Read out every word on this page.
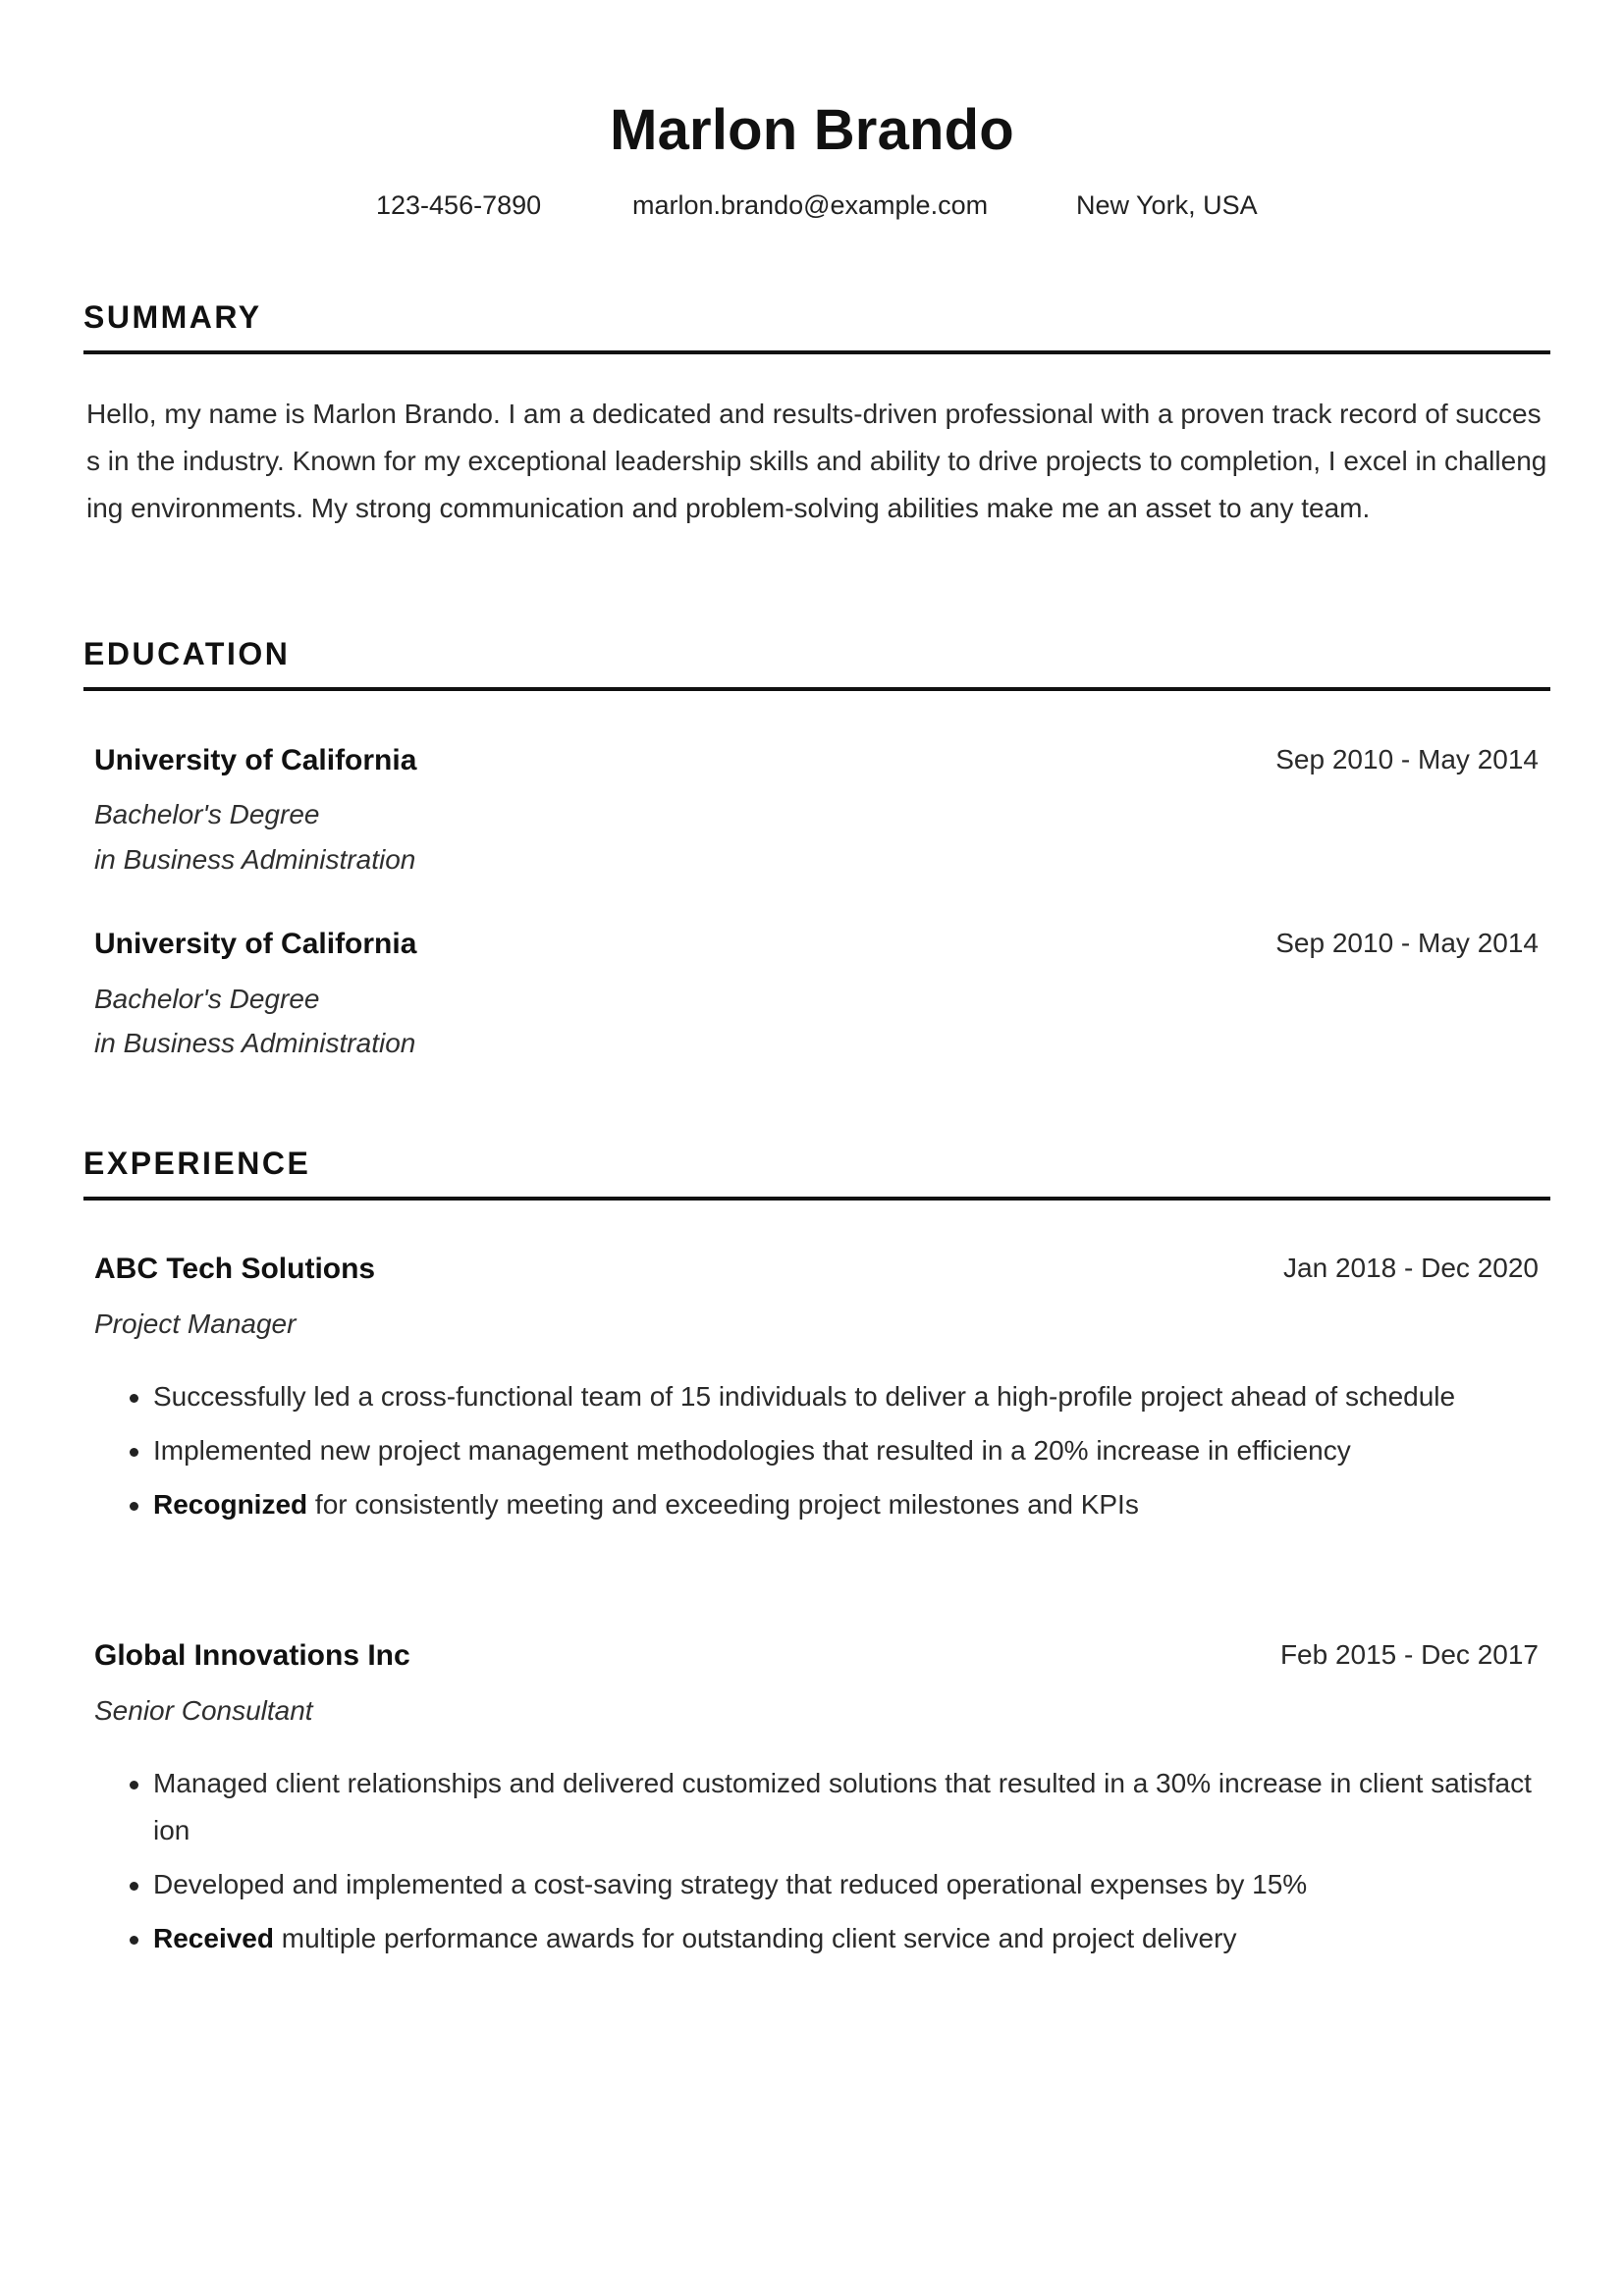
Marlon Brando
123-456-7890	marlon.brando@example.com	New York, USA
SUMMARY
Hello, my name is Marlon Brando. I am a dedicated and results-driven professional with a proven track record of success in the industry. Known for my exceptional leadership skills and ability to drive projects to completion, I excel in challenging environments. My strong communication and problem-solving abilities make me an asset to any team.
EDUCATION
University of California	Sep 2010 - May 2014
Bachelor's Degree
in Business Administration
University of California	Sep 2010 - May 2014
Bachelor's Degree
in Business Administration
EXPERIENCE
ABC Tech Solutions	Jan 2018 - Dec 2020
Project Manager
Successfully led a cross-functional team of 15 individuals to deliver a high-profile project ahead of schedule
Implemented new project management methodologies that resulted in a 20% increase in efficiency
Recognized for consistently meeting and exceeding project milestones and KPIs
Global Innovations Inc	Feb 2015 - Dec 2017
Senior Consultant
Managed client relationships and delivered customized solutions that resulted in a 30% increase in client satisfaction
Developed and implemented a cost-saving strategy that reduced operational expenses by 15%
Received multiple performance awards for outstanding client service and project delivery
